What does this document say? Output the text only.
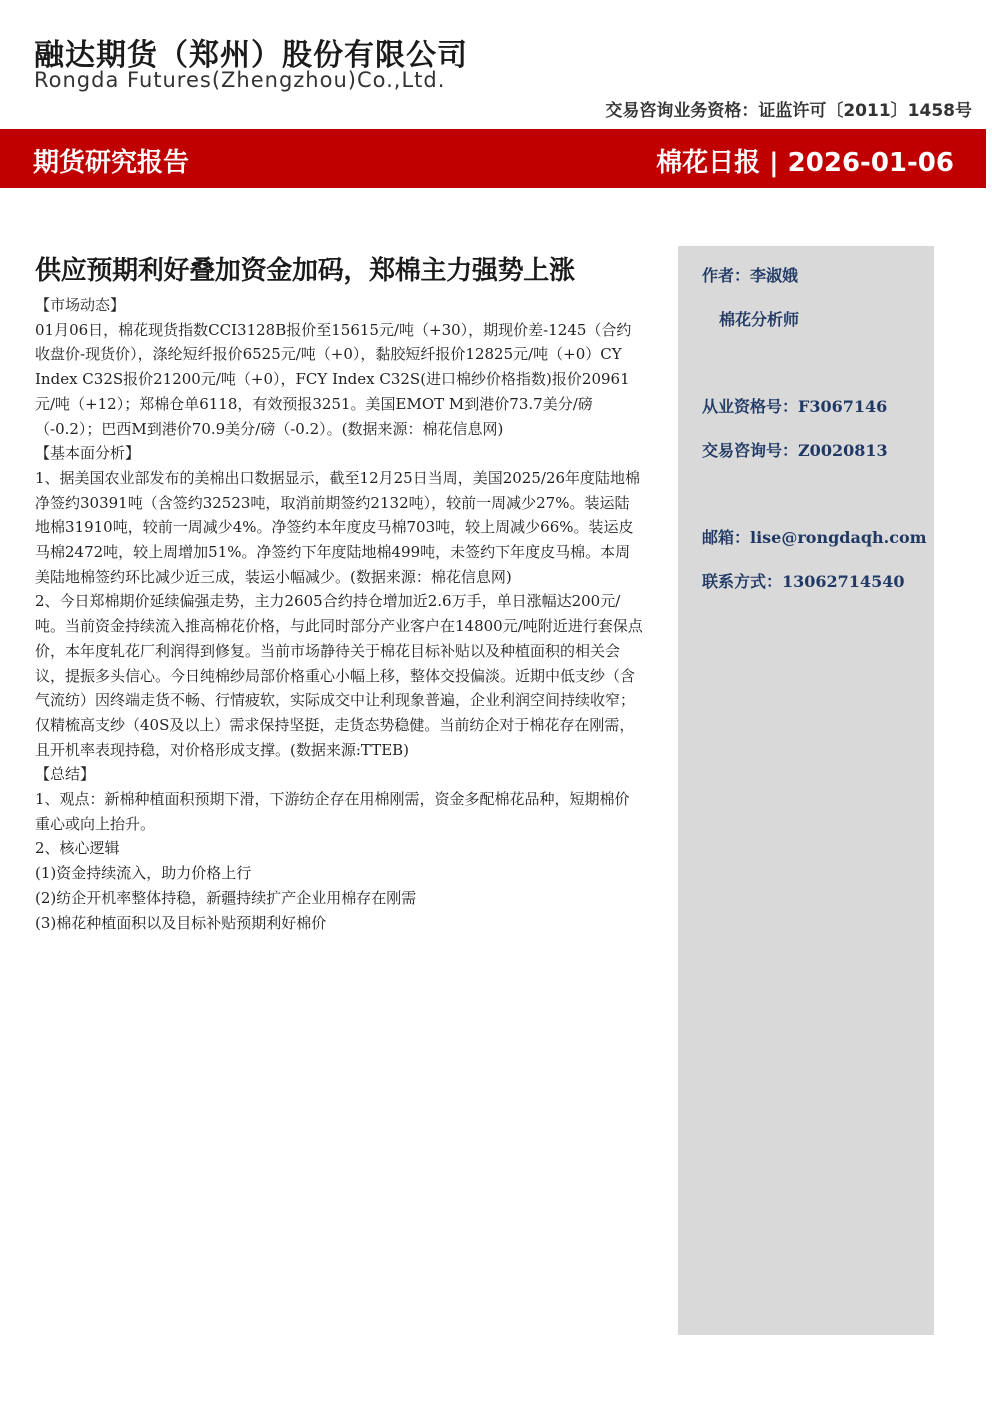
融达期货（郑州）股份有限公司
Rongda Futures(Zhengzhou)Co.,Ltd.
交易咨询业务资格：证监许可〔2011〕1458号
期货研究报告	棉花日报 | 2026-01-06
供应预期利好叠加资金加码，郑棉主力强势上涨

【市场动态】

01月06日，棉花现货指数CCI3128B报价至15615元/吨（+30），期现价差-1245（合约收盘价-现货价），涤纶短纤报价6525元/吨（+0），黏胶短纤报价12825元/吨（+0）CY Index C32S报价21200元/吨（+0），FCY Index C32S(进口棉纱价格指数)报价20961元/吨（+12）；郑棉仓单6118，有效预报3251。美国EMOT M到港价73.7美分/磅（-0.2）；巴西M到港价70.9美分/磅（-0.2）。(数据来源：棉花信息网)

【基本面分析】

1、据美国农业部发布的美棉出口数据显示，截至12月25日当周，美国2025/26年度陆地棉净签约30391吨（含签约32523吨，取消前期签约2132吨），较前一周减少27%。装运陆地棉31910吨，较前一周减少4%。净签约本年度皮马棉703吨，较上周减少66%。装运皮马棉2472吨，较上周增加51%。净签约下年度陆地棉499吨，未签约下年度皮马棉。本周美陆地棉签约环比减少近三成，装运小幅减少。(数据来源：棉花信息网)

2、今日郑棉期价延续偏强走势，主力2605合约持仓增加近2.6万手，单日涨幅达200元/吨。当前资金持续流入推高棉花价格，与此同时部分产业客户在14800元/吨附近进行套保点价，本年度轧花厂利润得到修复。当前市场静待关于棉花目标补贴以及种植面积的相关会议，提振多头信心。今日纯棉纱局部价格重心小幅上移，整体交投偏淡。近期中低支纱（含气流纺）因终端走货不畅、行情疲软，实际成交中让利现象普遍，企业利润空间持续收窄；仅精梳高支纱（40S及以上）需求保持坚挺，走货态势稳健。当前纺企对于棉花存在刚需，且开机率表现持稳，对价格形成支撑。(数据来源:TTEB)

【总结】

1、观点：新棉种植面积预期下滑，下游纺企存在用棉刚需，资金多配棉花品种，短期棉价重心或向上抬升。

2、核心逻辑

(1)资金持续流入，助力价格上行

(2)纺企开机率整体持稳，新疆持续扩产企业用棉存在刚需

(3)棉花种植面积以及目标补贴预期利好棉价

作者：李淑娥
棉花分析师
从业资格号：F3067146
交易咨询号：Z0020813
邮箱：lise@rongdaqh.com
联系方式：13062714540
